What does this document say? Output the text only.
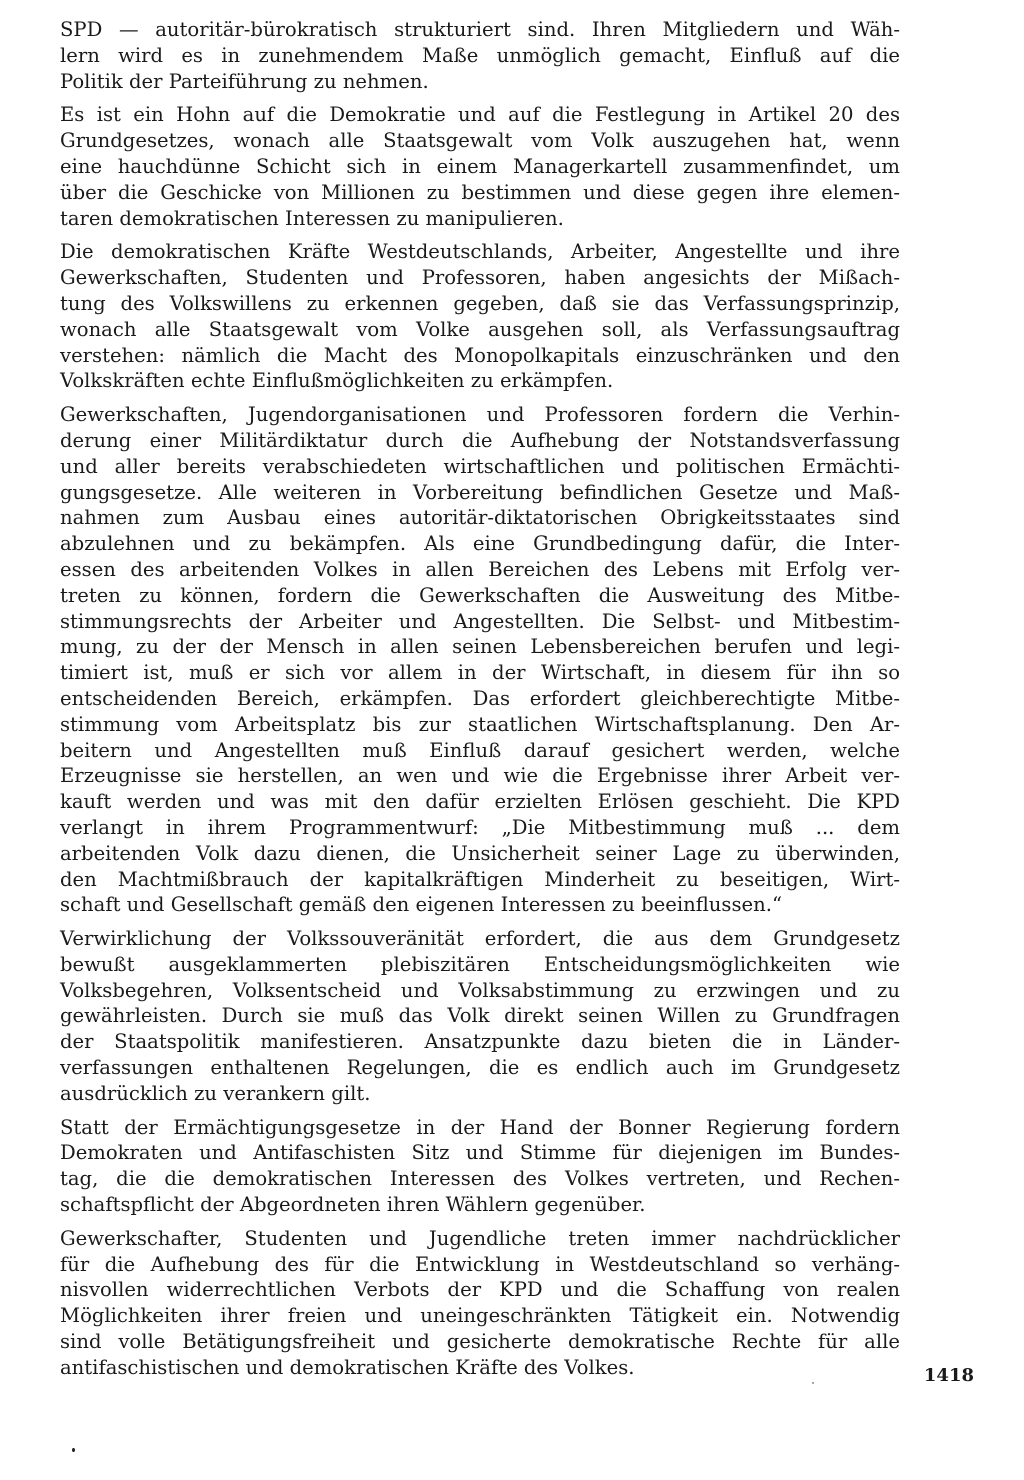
SPD — autoritär-bürokratisch strukturiert sind. Ihren Mitgliedern und Wäh-
lern wird es in zunehmendem Maße unmöglich gemacht, Einfluß auf die
Politik der Parteiführung zu nehmen.

Es ist ein Hohn auf die Demokratie und auf die Festlegung in Artikel 20 des
Grundgesetzes, wonach alle Staatsgewalt vom Volk auszugehen hat, wenn
eine hauchdünne Schicht sich in einem Managerkartell zusammenfindet, um
über die Geschicke von Millionen zu bestimmen und diese gegen ihre elemen-
taren demokratischen Interessen zu manipulieren.

Die demokratischen Kräfte Westdeutschlands, Arbeiter, Angestellte und ihre
Gewerkschaften, Studenten und Professoren, haben angesichts der Mißach-
tung des Volkswillens zu erkennen gegeben, daß sie das Verfassungsprinzip,
wonach alle Staatsgewalt vom Volke ausgehen soll, als Verfassungsauftrag
verstehen: nämlich die Macht des Monopolkapitals einzuschränken und den
Volkskräften echte Einflußmöglichkeiten zu erkämpfen.

Gewerkschaften, Jugendorganisationen und Professoren fordern die Verhin-
derung einer Militärdiktatur durch die Aufhebung der Notstandsverfassung
und aller bereits verabschiedeten wirtschaftlichen und politischen Ermächti-
gungsgesetze. Alle weiteren in Vorbereitung befindlichen Gesetze und Maß-
nahmen zum Ausbau eines autoritär-diktatorischen Obrigkeitsstaates sind
abzulehnen und zu bekämpfen. Als eine Grundbedingung dafür, die Inter-
essen des arbeitenden Volkes in allen Bereichen des Lebens mit Erfolg ver-
treten zu können, fordern die Gewerkschaften die Ausweitung des Mitbe-
stimmungsrechts der Arbeiter und Angestellten. Die Selbst- und Mitbestim-
mung, zu der der Mensch in allen seinen Lebensbereichen berufen und legi-
timiert ist, muß er sich vor allem in der Wirtschaft, in diesem für ihn so
entscheidenden Bereich, erkämpfen. Das erfordert gleichberechtigte Mitbe-
stimmung vom Arbeitsplatz bis zur staatlichen Wirtschaftsplanung. Den Ar-
beitern und Angestellten muß Einfluß darauf gesichert werden, welche
Erzeugnisse sie herstellen, an wen und wie die Ergebnisse ihrer Arbeit ver-
kauft werden und was mit den dafür erzielten Erlösen geschieht. Die KPD
verlangt in ihrem Programmentwurf: „Die Mitbestimmung muß ... dem
arbeitenden Volk dazu dienen, die Unsicherheit seiner Lage zu überwinden,
den Machtmißbrauch der kapitalkräftigen Minderheit zu beseitigen, Wirt-
schaft und Gesellschaft gemäß den eigenen Interessen zu beeinflussen.“

Verwirklichung der Volkssouveränität erfordert, die aus dem Grundgesetz
bewußt ausgeklammerten plebiszitären Entscheidungsmöglichkeiten wie
Volksbegehren, Volksentscheid und Volksabstimmung zu erzwingen und zu
gewährleisten. Durch sie muß das Volk direkt seinen Willen zu Grundfragen
der Staatspolitik manifestieren. Ansatzpunkte dazu bieten die in Länder-
verfassungen enthaltenen Regelungen, die es endlich auch im Grundgesetz
ausdrücklich zu verankern gilt.

Statt der Ermächtigungsgesetze in der Hand der Bonner Regierung fordern
Demokraten und Antifaschisten Sitz und Stimme für diejenigen im Bundes-
tag, die die demokratischen Interessen des Volkes vertreten, und Rechen-
schaftspflicht der Abgeordneten ihren Wählern gegenüber.

Gewerkschafter, Studenten und Jugendliche treten immer nachdrücklicher
für die Aufhebung des für die Entwicklung in Westdeutschland so verhäng-
nisvollen widerrechtlichen Verbots der KPD und die Schaffung von realen
Möglichkeiten ihrer freien und uneingeschränkten Tätigkeit ein. Notwendig
sind volle Betätigungsfreiheit und gesicherte demokratische Rechte für alle
antifaschistischen und demokratischen Kräfte des Volkes.	1418
